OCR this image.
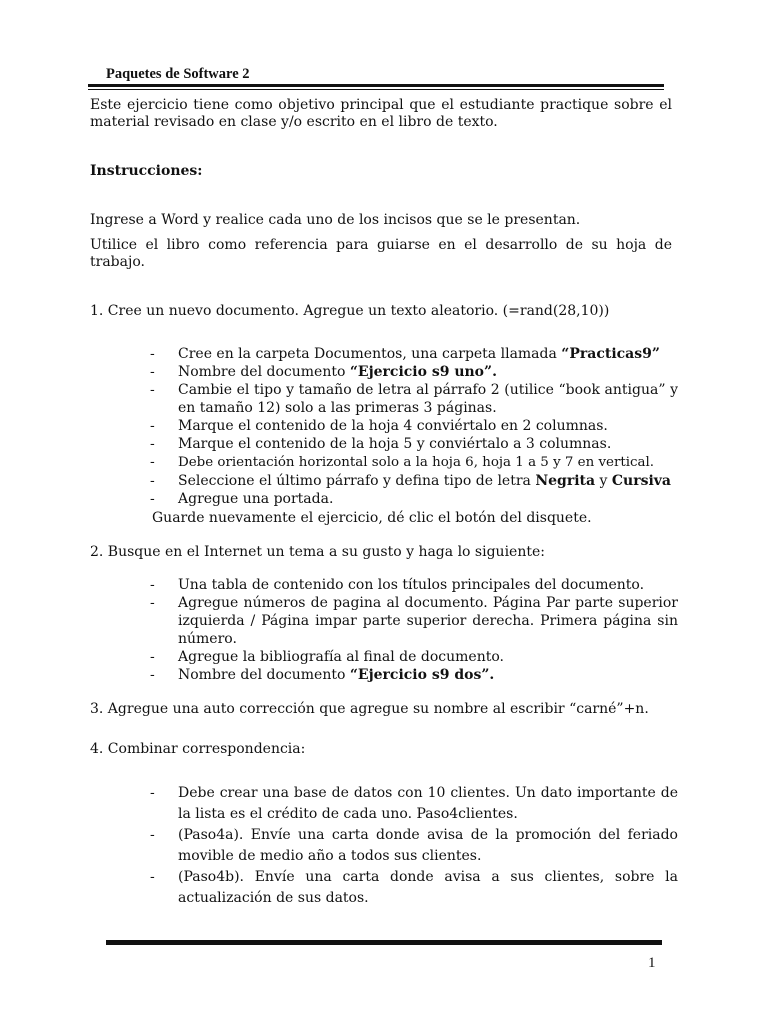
Paquetes de Software 2
Este ejercicio tiene como objetivo principal que el estudiante practique sobre el material revisado en clase y/o escrito en el libro de texto.
Instrucciones:
Ingrese a Word y realice cada uno de los incisos que se le presentan.
Utilice el libro como referencia para guiarse en el desarrollo de su hoja de trabajo.
1. Cree un nuevo documento. Agregue un texto aleatorio. (=rand(28,10))
- Cree en la carpeta Documentos, una carpeta llamada “Practicas9”
- Nombre del documento “Ejercicio s9 uno”.
- Cambie el tipo y tamaño de letra al párrafo 2 (utilice “book antigua” y en tamaño 12) solo a las primeras 3 páginas.
- Marque el contenido de la hoja 4 conviértalo en 2 columnas.
- Marque el contenido de la hoja 5 y conviértalo a 3 columnas.
- Debe orientación horizontal solo a la hoja 6, hoja 1 a 5 y 7 en vertical.
- Seleccione el último párrafo y defina tipo de letra Negrita y Cursiva
- Agregue una portada.
Guarde nuevamente el ejercicio, dé clic el botón del disquete.
2. Busque en el Internet un tema a su gusto y haga lo siguiente:
- Una tabla de contenido con los títulos principales del documento.
- Agregue números de pagina al documento. Página Par parte superior izquierda / Página impar parte superior derecha. Primera página sin número.
- Agregue la bibliografía al final de documento.
- Nombre del documento “Ejercicio s9 dos”.
3. Agregue una auto corrección que agregue su nombre al escribir “carné”+n.
4. Combinar correspondencia:
- Debe crear una base de datos con 10 clientes. Un dato importante de la lista es el crédito de cada uno. Paso4clientes.
- (Paso4a). Envíe una carta donde avisa de la promoción del feriado movible de medio año a todos sus clientes.
- (Paso4b). Envíe una carta donde avisa a sus clientes, sobre la actualización de sus datos.
1
